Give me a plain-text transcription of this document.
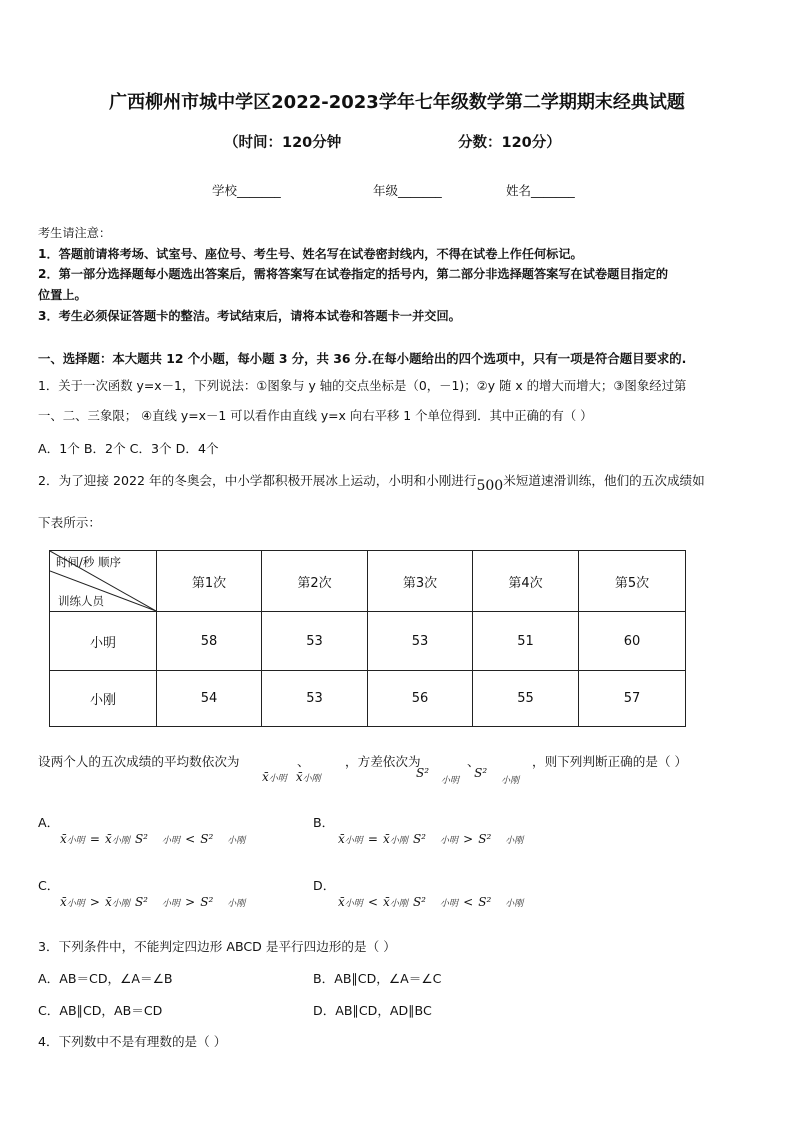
广西柳州市城中学区2022-2023学年七年级数学第二学期期末经典试题
（时间：120分钟	分数：120分）
学校_______	年级_______	姓名_______
考生请注意：
1．答题前请将考场、试室号、座位号、考生号、姓名写在试卷密封线内，不得在试卷上作任何标记。
2．第一部分选择题每小题选出答案后，需将答案写在试卷指定的括号内，第二部分非选择题答案写在试卷题目指定的
位置上。
3．考生必须保证答题卡的整洁。考试结束后，请将本试卷和答题卡一并交回。
一、选择题：本大题共 12 个小题，每小题 3 分，共 36 分.在每小题给出的四个选项中，只有一项是符合题目要求的.
1．关于一次函数 y=x－1，下列说法：①图象与 y 轴的交点坐标是（0，－1)；②y 随 x 的增大而增大；③图象经过第
一、二、三象限； ④直线 y=x－1 可以看作由直线 y=x 向右平移 1 个单位得到．其中正确的有（ ）
A．1个 B．2个 C．3个 D．4个
2．为了迎接 2022 年的冬奥会，中小学都积极开展冰上运动，小明和小刚进行500米短道速滑训练，他们的五次成绩如
下表所示：
时间/秒 顺序
训练人员	第1次	第2次	第3次	第4次	第5次
小明	58	53	53	51	60
小刚	54	53	56	55	57
设两个人的五次成绩的平均数依次为	，方差依次为
、	、	，则下列判断正确的是（ ）
x̄小明 x̄小刚	$S^2_{小明}$ $S^2_{小刚}$
A．	B．
C．	D．
x̄小明 = x̄小刚 S² 小明 < S² 小刚	x̄小明 = x̄小刚 S² 小明 > S² 小刚
x̄小明 > x̄小刚 S² 小明 > S² 小刚	x̄小明 < x̄小刚 S² 小明 < S² 小刚
3．下列条件中，不能判定四边形 ABCD 是平行四边形的是（ ）
A．AB＝CD，∠A＝∠B	B．AB∥CD，∠A＝∠C
C．AB∥CD，AB＝CD	D．AB∥CD，AD∥BC
4．下列数中不是有理数的是（ ）
